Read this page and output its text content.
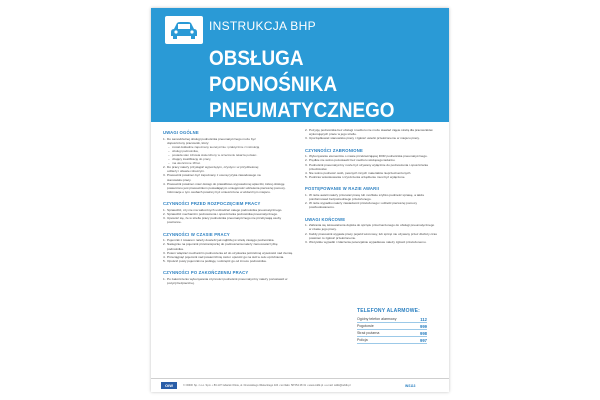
INSTRUKCJA BHP
OBSŁUGA PODNOŚNIKA
PNEUMATYCZNEGO
UWAGI OGÓLNE
1. Do samodzielnej obsługi podnośnika pneumatycznego może być
dopuszczony pracownik, który:
– został dokładnie zapoznany teoretycznie i praktycznie z instrukcją
– obsługi podnośnika,
– posiada stan zdrowia stwierdzony w orzeczeniu lekarza potwier-
– dzający kwalifikację do pracy,
– ma ukończone 18 lat.
2. Do pracy należy przystąpić wypoczętym, czystym i w przydzielonej
odzieży i obuwie roboczym.
3. Pracownik powinien być zapoznany z oceną ryzyka zawodowego na
stanowisku pracy.
4. Pracownik powinien mieć dostęp do prawidłowo wyposażonej apteczki, której obsługę powierzono jest pracownikom posiadającym umiejętność udzielenia pierwszej pomocy. Informacje o tym osobach powinny być umieszczone w widocznym miejscu.
CZYNNOŚCI PRZED ROZPOCZĘCIEM PRACY
1. Sprawdzić, czy nie ma widocznych uszkodzeń całego podnośnika pneumatycznego.
2. Sprawdzić mechanizm podnoszenia i opuszczania podnośnika pneumatycznego.
3. Upewnić się, że w strefie pracy podnośnika pneumatycznego nie przebywają osoby postronne.
CZYNNOŚCI W CZASIE PRACY
1. Pojemnik z towarem należy dowieźć jak najbliżej w strefę zasięgu podnośnika.
2. Następnie na pojemnik przetransportuj do podnoszenia należy zamocować lyżkę podnośnika.
3. Potem włączać mechanizm podnoszenia aż do uzyskania potrzebnej wysokości nad ziemią.
4. Przeciągnąć pojemnik nad powierzchnię stołu i opuścić go na stół w celu opróżnienia.
5. Opuścić pusty pojemnik na podłogę i odczepić go od zmocu podnośnika.
CZYNNOŚCI PO ZAKOŃCZENIU PRACY
1. Po zakończeniu wykonywania czynności podnośnik pneumatyczny należy pozostawić w pozycji bezpiecznej.
2. Pozycję podnośnika bez obsługi i nadzoru nie może stawiać zajęte strefą dla pracowników wykonujących prace w jego strefie.
3. Uporządkować stanowisko pracy i zgłosić usterki przełożonemu w miejscu pracy.
CZYNNOŚCI ZABRONIONE
1. Wykonywanie elementów o masie przekraczającej DOR podnośnika pneumatycznego.
2. Prędkie nie wolno pozostawić bez nadzoru wiszącego ładunku.
3. Podnośnik pneumatyczny może być używany wyłącznie do podnoszenia i opuszczania przedmiotów.
4. Nie wolno podnosić osób, pewnych innych materiałów nieprzeznaczonych.
5. Podczas wnioskowania i czyszczenia urządzenie musi być wyłączone.
POSTĘPOWANIE W RAZIE AWARII
1. W razie awarii należy przerwać pracę lub możliwie szybko podnieść sprawę, a także poinformować bezpośredniego przełożonego.
2. W razie wypadku należy zawiadomić przełożonego i udzielić pierwszej pomocy poszkodowanemu.
UWAGI KOŃCOWE
1. Zabrania się lekceważenia dojścia do sprzętu przeznaczonego do obsługi pneumatycznego w czasie jego pracy.
2. Każdy pracownik wygasłe pracy pojazd wzorcowy, lub sprzęt nie używany przez dłuższy czas powinien to zgłosić przełożonemu.
3. Wszystkie wypadki i zdarzenia potencjalnie wypadkowe należy zgłosić przełożonemu.
TELEFONY ALARMOWE:
Ogólny telefon alarmowy	112
Pogotowie	999
Straż pożarna	998
Policja	997
OiW	© ODDK Sp. z o.o. Sp.k. • 80-137 Gdańsk Olivia, ul. Dmowskiego Wieleckiego 324 • tel./faks: 58 554 28 31 • www.oddk.pl • e-mail: oddk@oddk.pl	INS113
